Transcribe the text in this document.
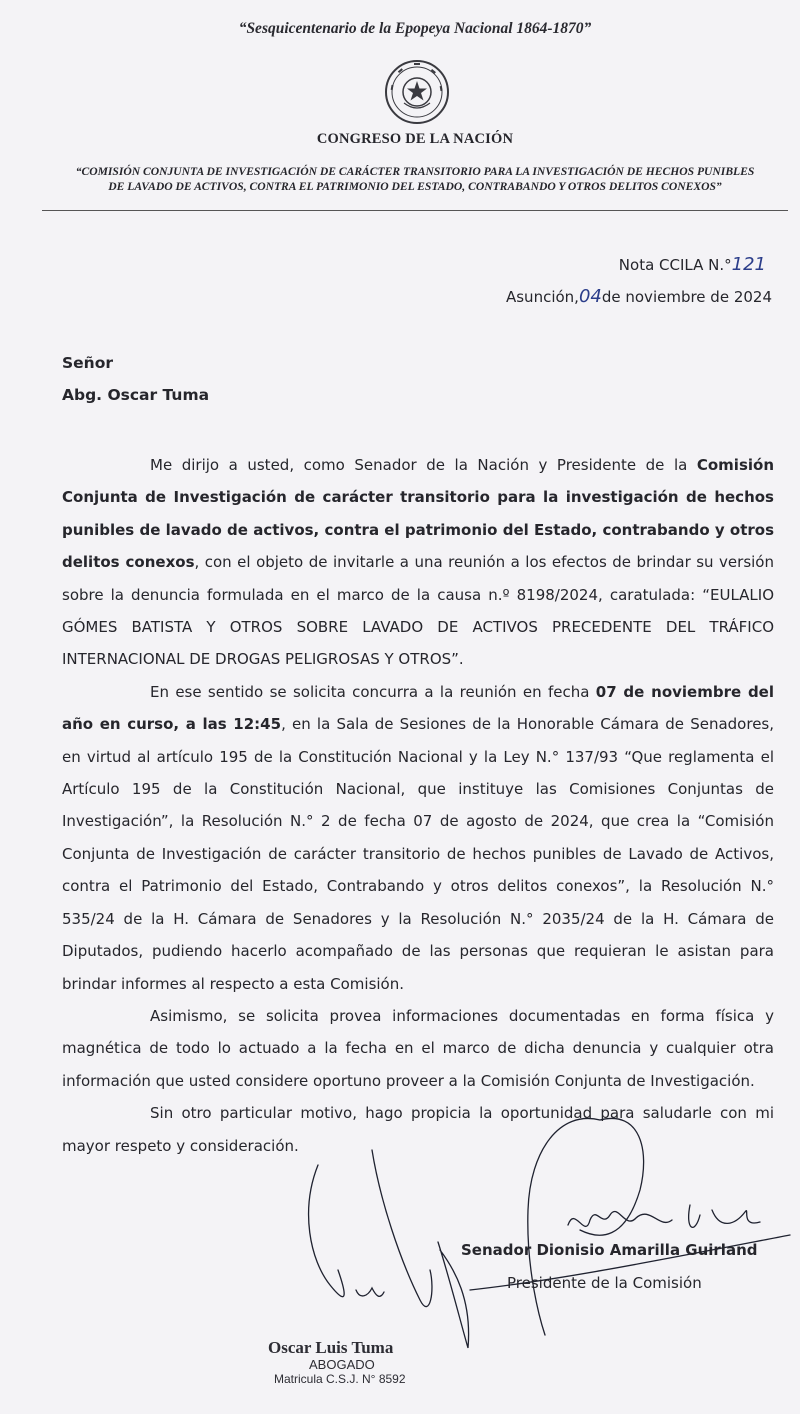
“Sesquicentenario de la Epopeya Nacional 1864-1870”
CONGRESO DE LA NACIÓN
“COMISIÓN CONJUNTA DE INVESTIGACIÓN DE CARÁCTER TRANSITORIO PARA LA INVESTIGACIÓN DE HECHOS PUNIBLES
DE LAVADO DE ACTIVOS, CONTRA EL PATRIMONIO DEL ESTADO, CONTRABANDO Y OTROS DELITOS CONEXOS”
Nota CCILA N.°121
Asunción,04de noviembre de 2024
Señor
Abg. Oscar Tuma

Me dirijo a usted, como Senador de la Nación y Presidente de la Comisión Conjunta de Investigación de carácter transitorio para la investigación de hechos punibles de lavado de activos, contra el patrimonio del Estado, contrabando y otros delitos conexos, con el objeto de invitarle a una reunión a los efectos de brindar su versión sobre la denuncia formulada en el marco de la causa n.º 8198/2024, caratulada: “EULALIO GÓMES BATISTA Y OTROS SOBRE LAVADO DE ACTIVOS PRECEDENTE DEL TRÁFICO INTERNACIONAL DE DROGAS PELIGROSAS Y OTROS”.

En ese sentido se solicita concurra a la reunión en fecha 07 de noviembre del año en curso, a las 12:45, en la Sala de Sesiones de la Honorable Cámara de Senadores, en virtud al artículo 195 de la Constitución Nacional y la Ley N.° 137/93 “Que reglamenta el Artículo 195 de la Constitución Nacional, que instituye las Comisiones Conjuntas de Investigación”, la Resolución N.° 2 de fecha 07 de agosto de 2024, que crea la “Comisión Conjunta de Investigación de carácter transitorio de hechos punibles de Lavado de Activos, contra el Patrimonio del Estado, Contrabando y otros delitos conexos”, la Resolución N.° 535/24 de la H. Cámara de Senadores y la Resolución N.° 2035/24 de la H. Cámara de Diputados, pudiendo hacerlo acompañado de las personas que requieran le asistan para brindar informes al respecto a esta Comisión.

Asimismo, se solicita provea informaciones documentadas en forma física y magnética de todo lo actuado a la fecha en el marco de dicha denuncia y cualquier otra información que usted considere oportuno proveer a la Comisión Conjunta de Investigación.

Sin otro particular motivo, hago propicia la oportunidad para saludarle con mi mayor respeto y consideración.

Senador Dionisio Amarilla Guirland
Presidente de la Comisión
Oscar Luis Tuma
ABOGADO
Matricula C.S.J. N° 8592
